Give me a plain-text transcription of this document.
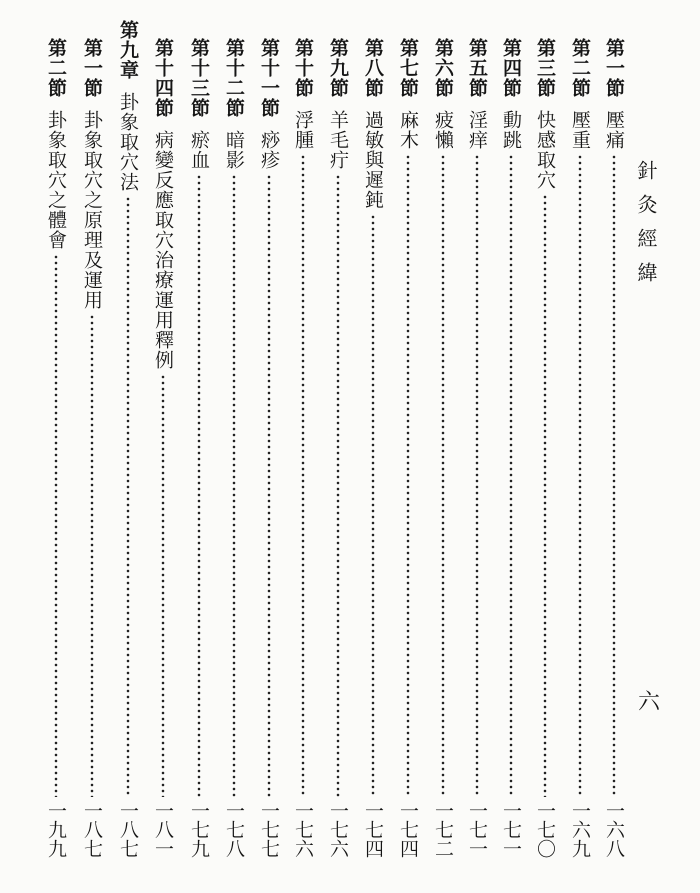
針灸經緯
六
第一節
壓痛
一六八
第二節
壓重
一六九
第三節
快感取穴
一七〇
第四節
動跳
一七一
第五節
淫痒
一七一
第六節
疲懶
一七二
第七節
麻木
一七四
第八節
過敏與遲鈍
一七四
第九節
羊毛疔
一七六
第十節
浮腫
一七六
第十一節
痧疹
一七七
第十二節
暗影
一七八
第十三節
瘀血
一七九
第十四節
病變反應取穴治療運用釋例
一八一
第九章
卦象取穴法
一八七
第一節
卦象取穴之原理及運用
一八七
第二節
卦象取穴之體會
一九九
